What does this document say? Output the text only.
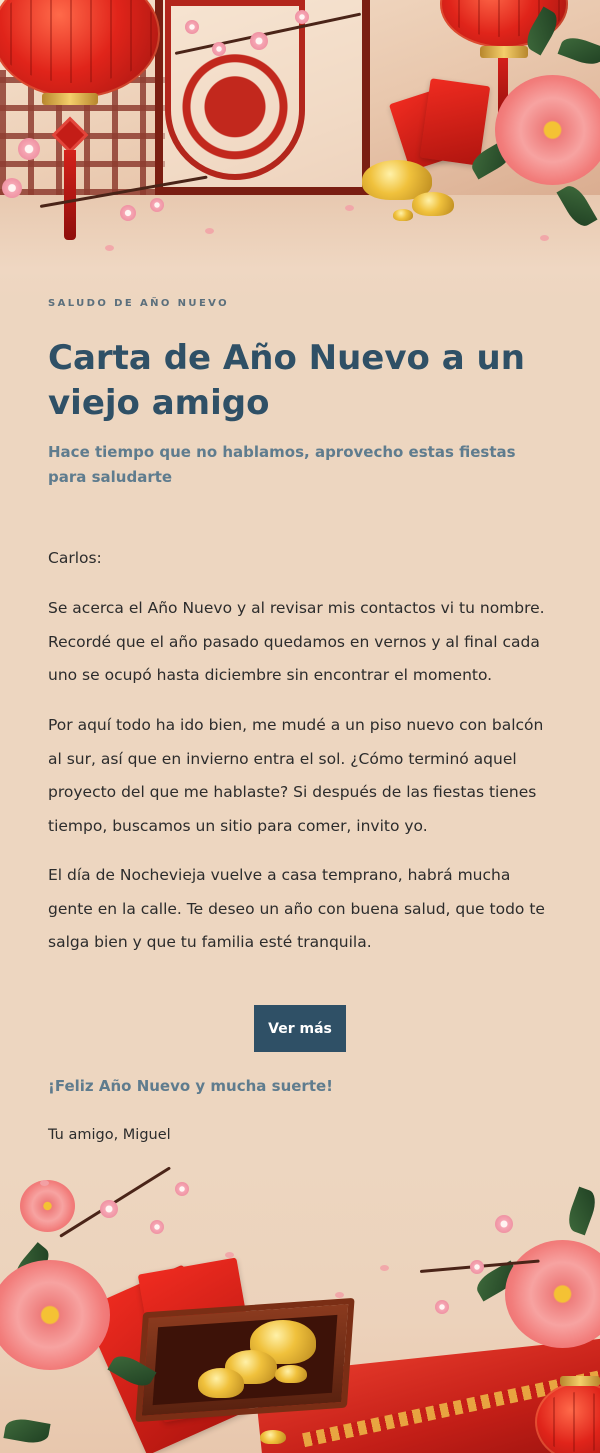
SALUDO DE AÑO NUEVO

Carta de Año Nuevo a un viejo amigo

Hace tiempo que no hablamos, aprovecho estas fiestas para saludarte

Carlos:

Se acerca el Año Nuevo y al revisar mis contactos vi tu nombre. Recordé que el año pasado quedamos en vernos y al final cada uno se ocupó hasta diciembre sin encontrar el momento.

Por aquí todo ha ido bien, me mudé a un piso nuevo con balcón al sur, así que en invierno entra el sol. ¿Cómo terminó aquel proyecto del que me hablaste? Si después de las fiestas tienes tiempo, buscamos un sitio para comer, invito yo.

El día de Nochevieja vuelve a casa temprano, habrá mucha gente en la calle. Te deseo un año con buena salud, que todo te salga bien y que tu familia esté tranquila.

Ver más

¡Feliz Año Nuevo y mucha suerte!

Tu amigo, Miguel
